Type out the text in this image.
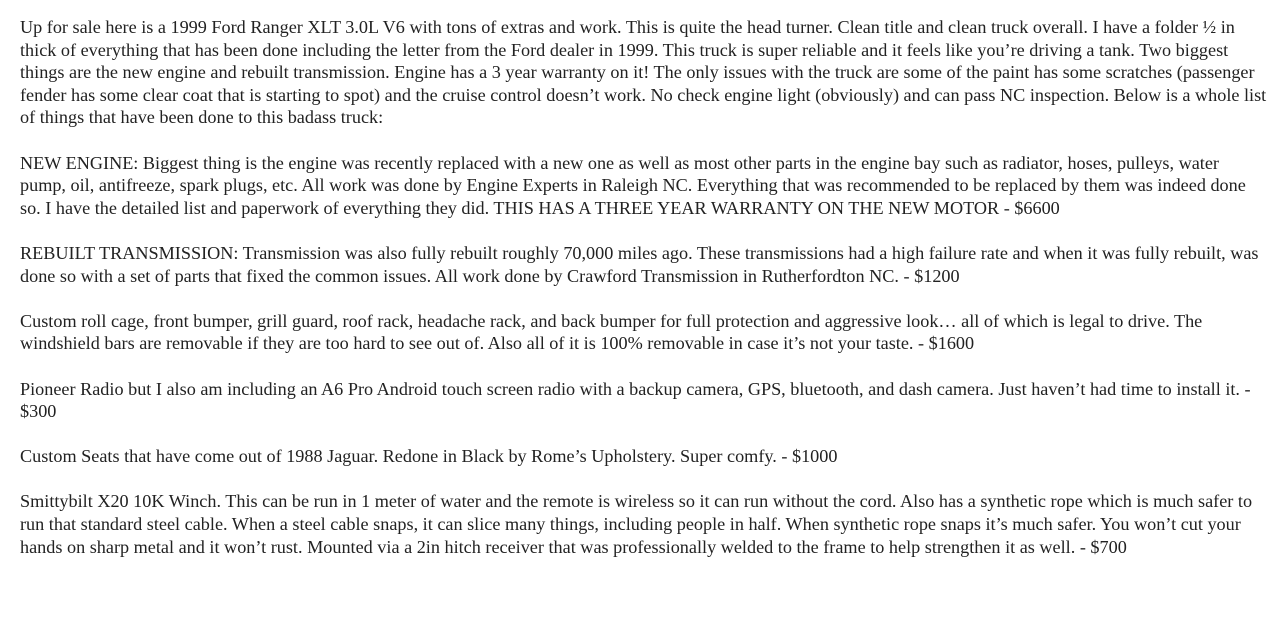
Up for sale here is a 1999 Ford Ranger XLT 3.0L V6 with tons of extras and work. This is quite the head turner. Clean title and clean truck overall. I have a folder ½ in thick of everything that has been done including the letter from the Ford dealer in 1999. This truck is super reliable and it feels like you’re driving a tank. Two biggest things are the new engine and rebuilt transmission. Engine has a 3 year warranty on it! The only issues with the truck are some of the paint has some scratches (passenger fender has some clear coat that is starting to spot) and the cruise control doesn’t work. No check engine light (obviously) and can pass NC inspection. Below is a whole list of things that have been done to this badass truck:

NEW ENGINE: Biggest thing is the engine was recently replaced with a new one as well as most other parts in the engine bay such as radiator, hoses, pulleys, water pump, oil, antifreeze, spark plugs, etc. All work was done by Engine Experts in Raleigh NC. Everything that was recommended to be replaced by them was indeed done so. I have the detailed list and paperwork of everything they did. THIS HAS A THREE YEAR WARRANTY ON THE NEW MOTOR - $6600

REBUILT TRANSMISSION: Transmission was also fully rebuilt roughly 70,000 miles ago. These transmissions had a high failure rate and when it was fully rebuilt, was done so with a set of parts that fixed the common issues. All work done by Crawford Transmission in Rutherfordton NC. - $1200

Custom roll cage, front bumper, grill guard, roof rack, headache rack, and back bumper for full protection and aggressive look… all of which is legal to drive. The windshield bars are removable if they are too hard to see out of. Also all of it is 100% removable in case it’s not your taste. - $1600

Pioneer Radio but I also am including an A6 Pro Android touch screen radio with a backup camera, GPS, bluetooth, and dash camera. Just haven’t had time to install it. - $300

Custom Seats that have come out of 1988 Jaguar. Redone in Black by Rome’s Upholstery. Super comfy. - $1000

Smittybilt X20 10K Winch. This can be run in 1 meter of water and the remote is wireless so it can run without the cord. Also has a synthetic rope which is much safer to run that standard steel cable. When a steel cable snaps, it can slice many things, including people in half. When synthetic rope snaps it’s much safer. You won’t cut your hands on sharp metal and it won’t rust. Mounted via a 2in hitch receiver that was professionally welded to the frame to help strengthen it as well. - $700
